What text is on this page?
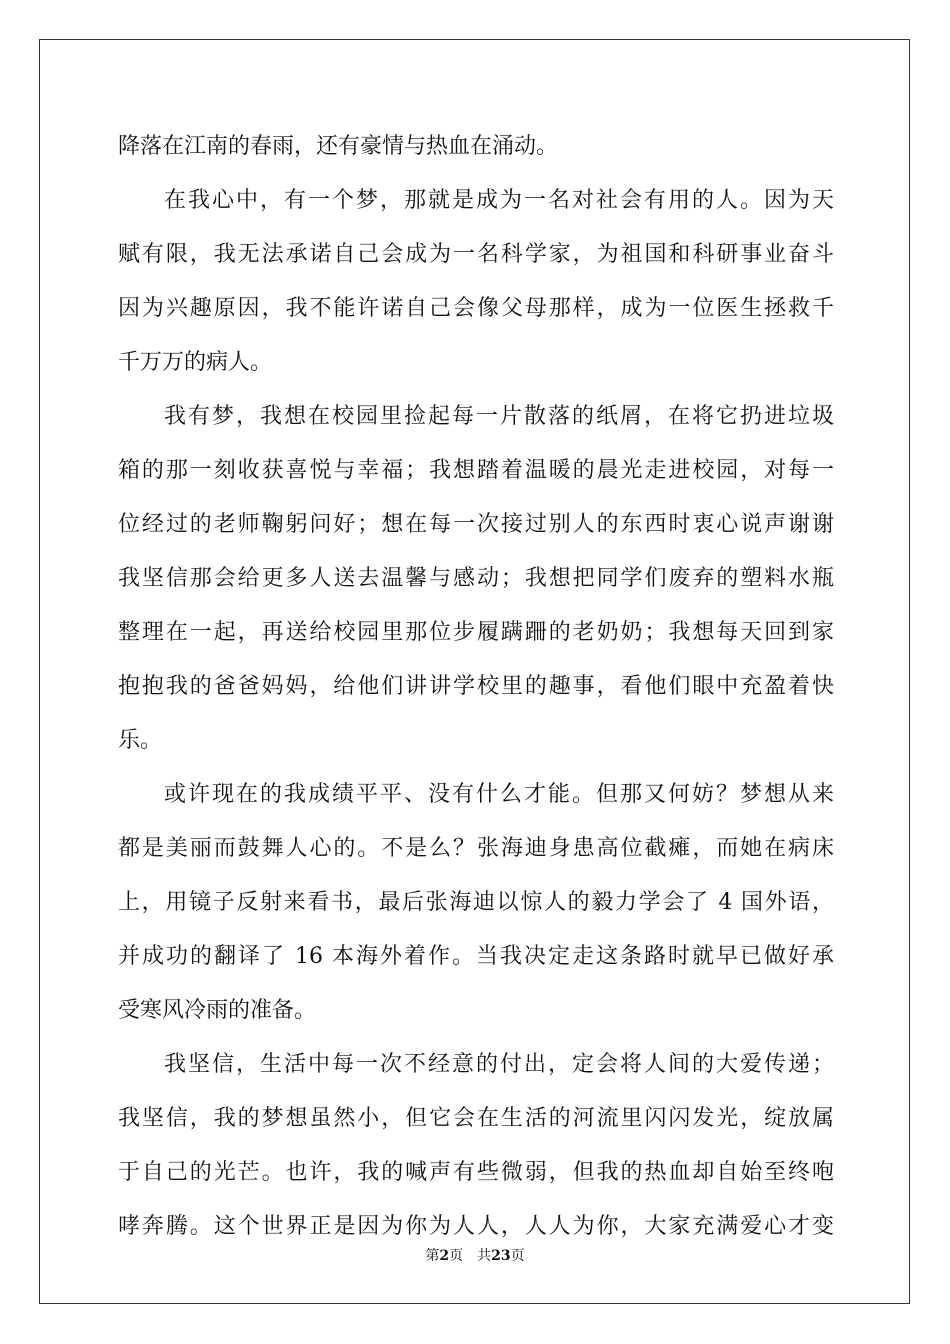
降落在江南的春雨，还有豪情与热血在涌动。
在我心中，有一个梦，那就是成为一名对社会有用的人。因为天
赋有限，我无法承诺自己会成为一名科学家，为祖国和科研事业奋斗
因为兴趣原因，我不能许诺自己会像父母那样，成为一位医生拯救千
千万万的病人。
我有梦，我想在校园里捡起每一片散落的纸屑，在将它扔进垃圾
箱的那一刻收获喜悦与幸福；我想踏着温暖的晨光走进校园，对每一
位经过的老师鞠躬问好；想在每一次接过别人的东西时衷心说声谢谢
我坚信那会给更多人送去温馨与感动；我想把同学们废弃的塑料水瓶
整理在一起，再送给校园里那位步履蹒跚的老奶奶；我想每天回到家
抱抱我的爸爸妈妈，给他们讲讲学校里的趣事，看他们眼中充盈着快
乐。
或许现在的我成绩平平、没有什么才能。但那又何妨？梦想从来
都是美丽而鼓舞人心的。不是么？张海迪身患高位截瘫，而她在病床
上，用镜子反射来看书，最后张海迪以惊人的毅力学会了 4 国外语，
并成功的翻译了 16 本海外着作。当我决定走这条路时就早已做好承
受寒风冷雨的准备。
我坚信，生活中每一次不经意的付出，定会将人间的大爱传递；
我坚信，我的梦想虽然小，但它会在生活的河流里闪闪发光，绽放属
于自己的光芒。也许，我的喊声有些微弱，但我的热血却自始至终咆
哮奔腾。这个世界正是因为你为人人，人人为你，大家充满爱心才变
第2页　共23页
